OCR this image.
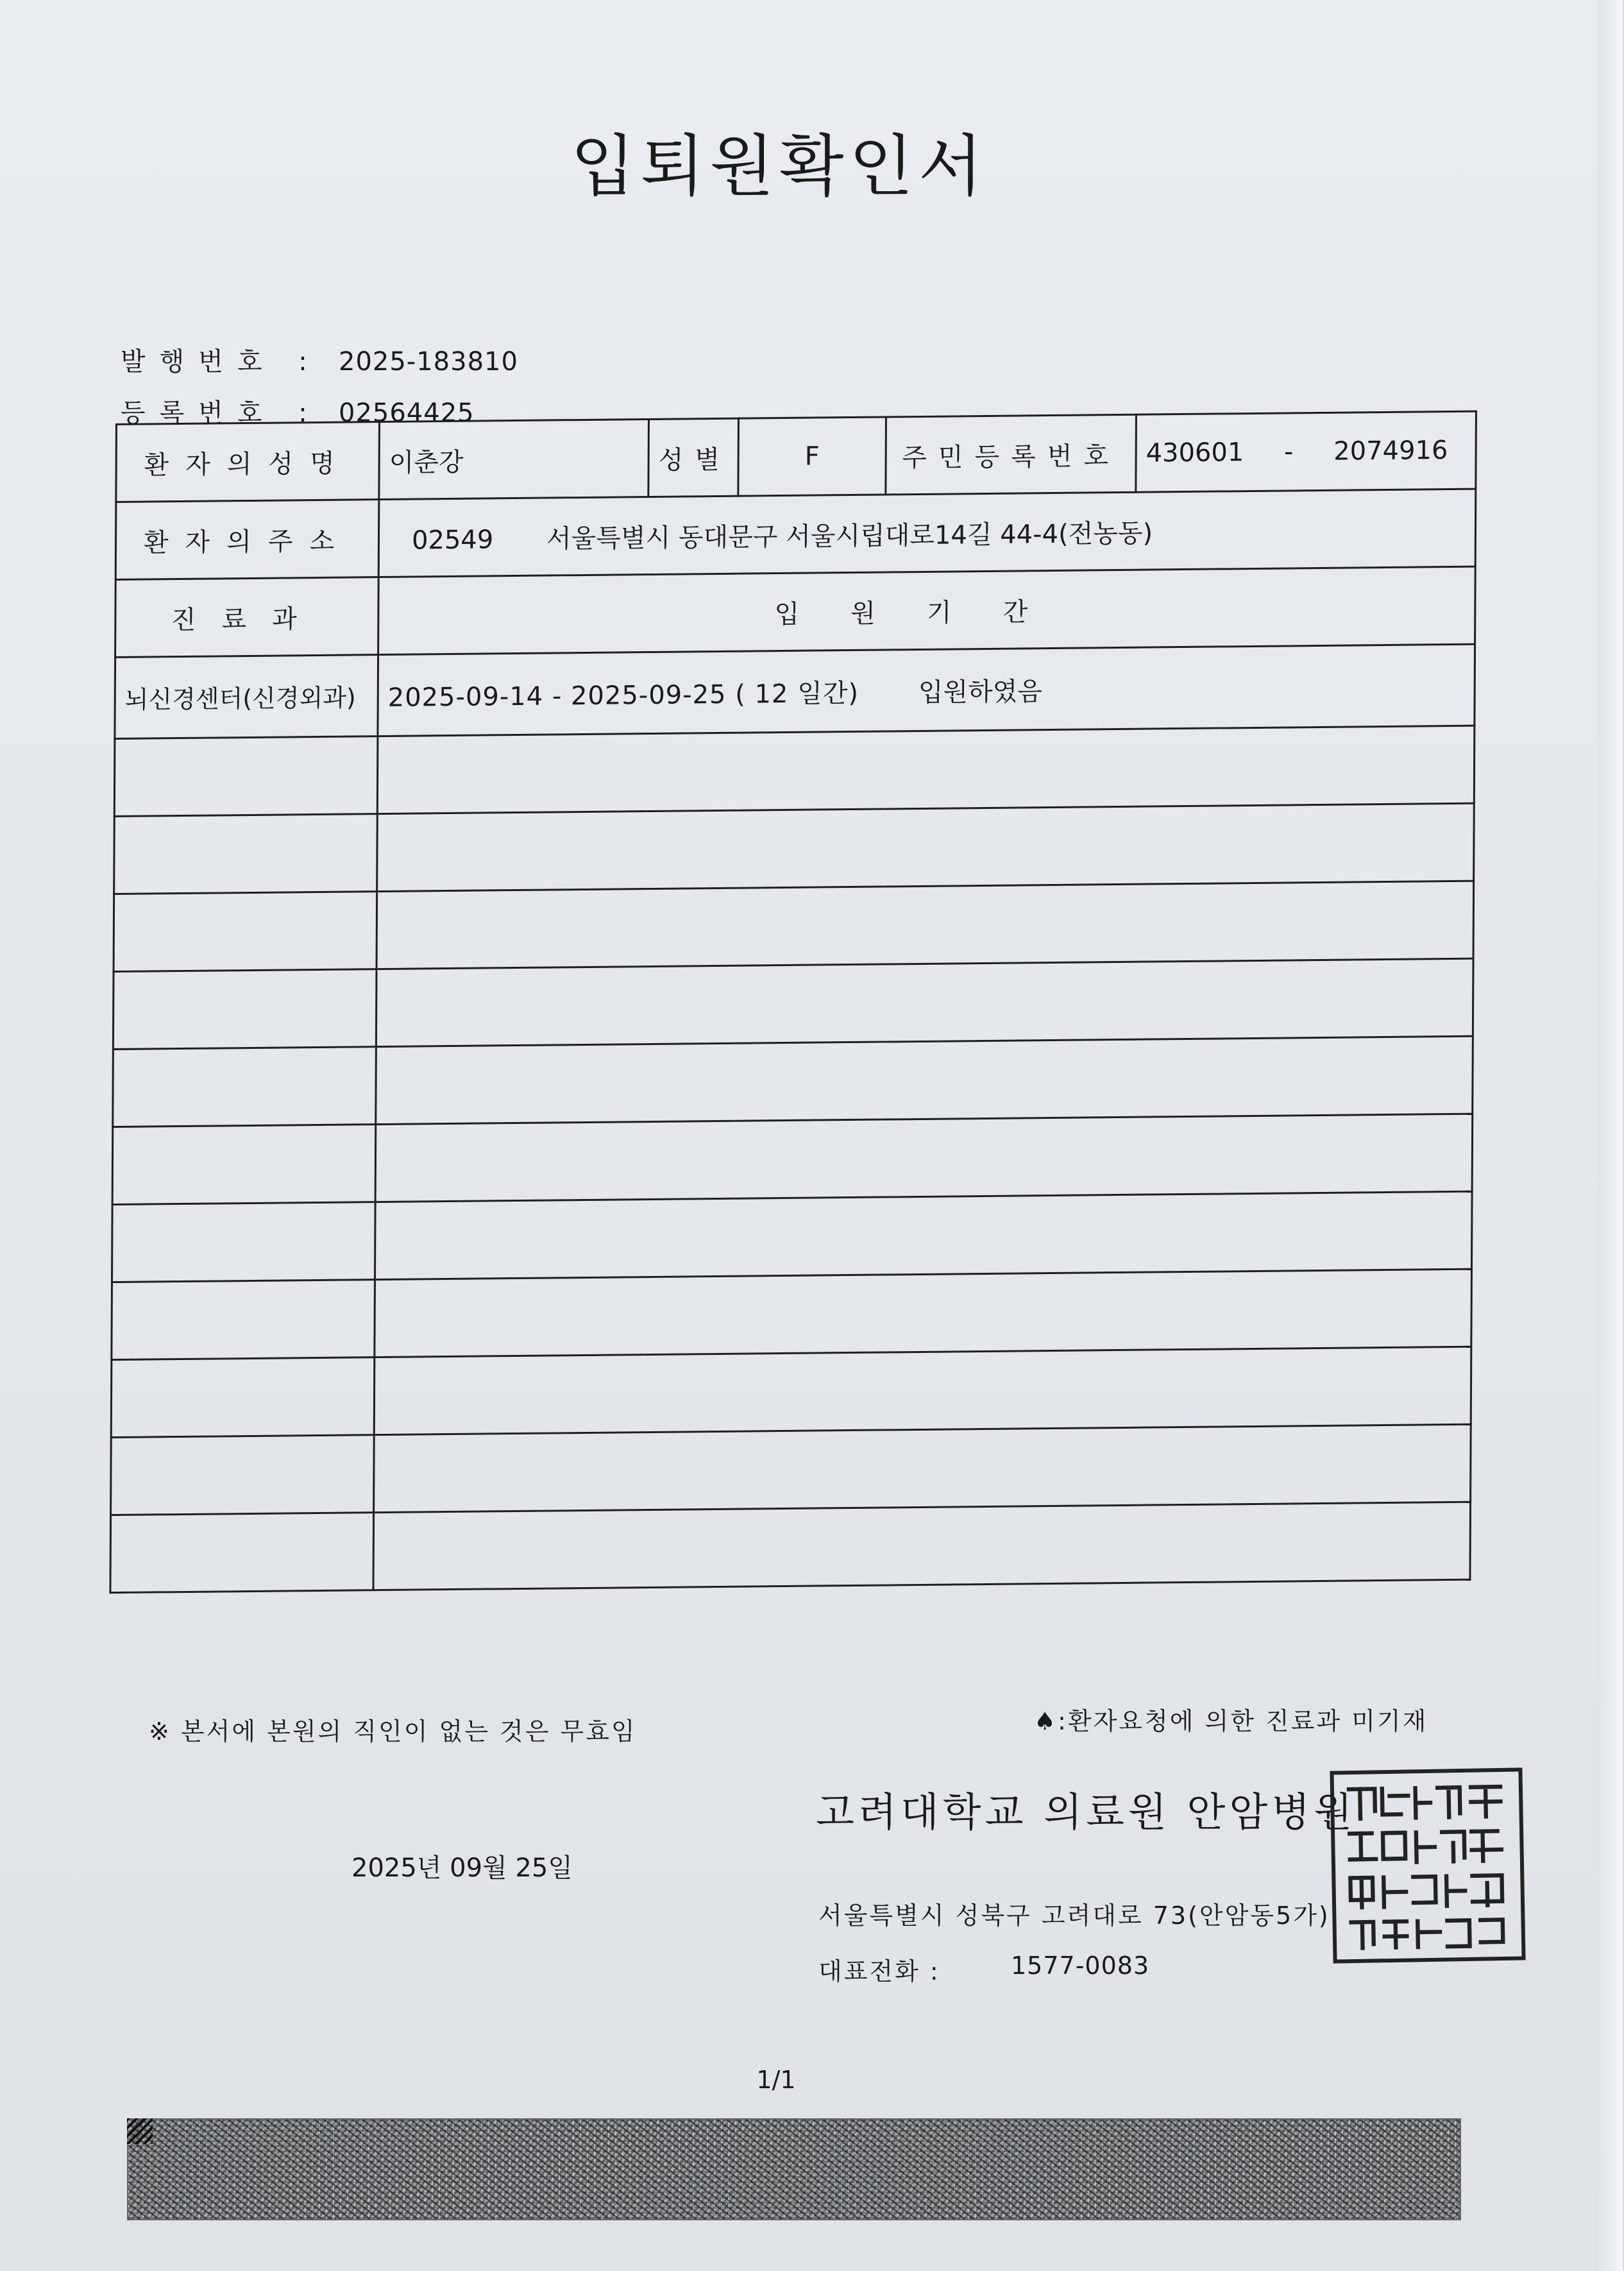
입퇴원확인서
발행번호 : 2025-183810
등록번호 : 02564425
환자의성명	이춘강	성별	F	주민등록번호	430601 - 2074916
환자의주소	02549 서울특별시 동대문구 서울시립대로14길 44-4(전농동)				
진료과	입원기간				
뇌신경센터(신경외과)	2025-09-14 - 2025-09-25 ( 12 일간) 입원하였음				

※ 본서에 본원의 직인이 없는 것은 무효임	♠:환자요청에 의한 진료과 미기재
고려대학교 의료원 안암병원
2025년 09월 25일
서울특별시 성북구 고려대로 73(안암동5가)
대표전화 :	1577-0083
1/1
